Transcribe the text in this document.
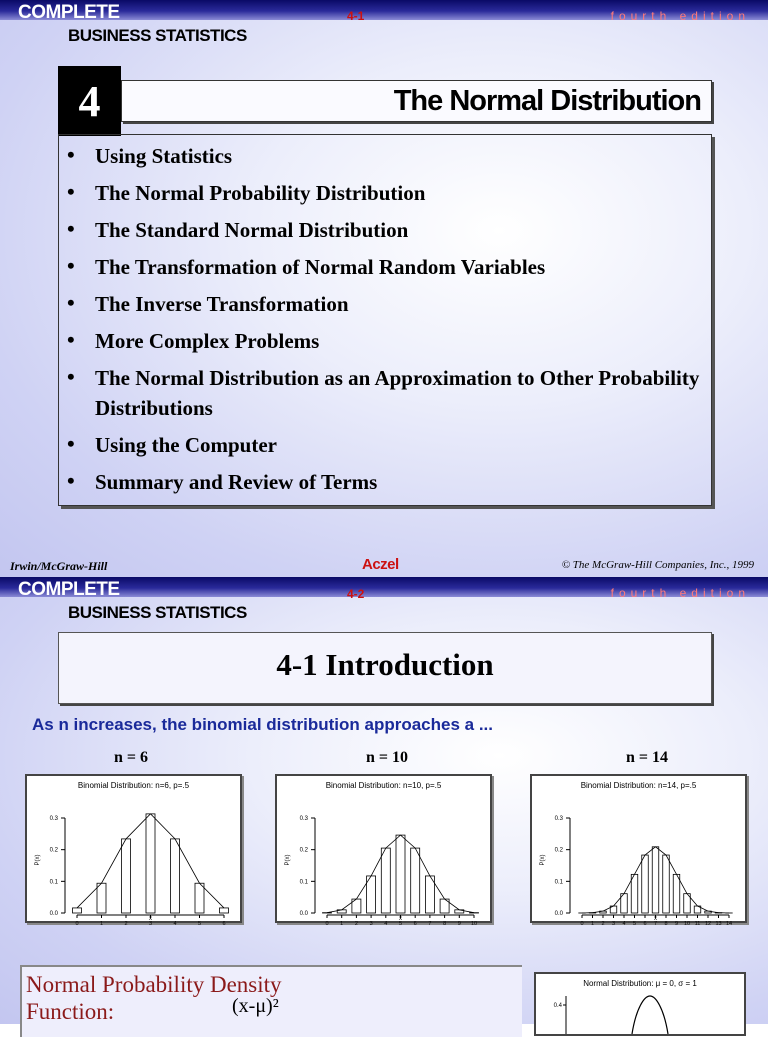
COMPLETE
BUSINESS STATISTICS
4-1	fourth edition
The Normal Distribution
4
• Using Statistics
• The Normal Probability Distribution
• The Standard Normal Distribution
• The Transformation of Normal Random Variables
• The Inverse Transformation
• More Complex Problems
• The Normal Distribution as an Approximation to Other Probability Distributions
• Using the Computer
• Summary and Review of Terms
Irwin/McGraw-Hill	Aczel	© The McGraw-Hill Companies, Inc., 1999
COMPLETE
BUSINESS STATISTICS
4-2	fourth edition
4-1 Introduction
As n increases, the binomial distribution approaches a ...
n = 6	n = 10	n = 14
Binomial Distribution: n=6, p=.5
0.0
0.1
0.2
0.3
P(x)
0	1	2	3	4	5	6
x
Binomial Distribution: n=10, p=.5
0.0
0.1
0.2
0.3
P(x)
0 1 2 3 4 5 6 7 8 9 10
x
Binomial Distribution: n=14, p=.5
0.0
0.1
0.2
0.3
P(x)
0 1 2 3 4 5 6 7 8 9 10 11 12 13 14
x
Normal Probability Density
Function:	(x-μ)²
Normal Distribution: μ = 0, σ = 1
0.4
